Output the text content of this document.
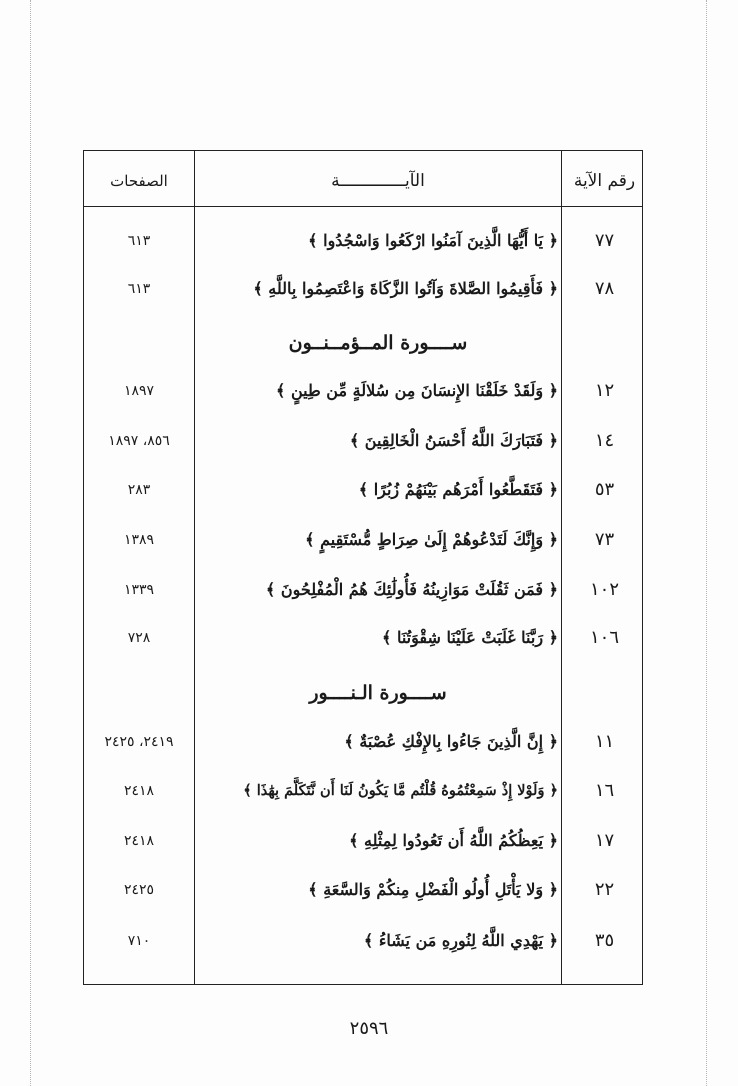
رقم الآية
الآيـــــــــــــة
الصفحات
٧٧
﴿ يَا أَيُّهَا الَّذِينَ آمَنُوا ارْكَعُوا وَاسْجُدُوا ﴾
٦١٣
٧٨
﴿ فَأَقِيمُوا الصَّلاةَ وَآتُوا الزَّكَاةَ وَاعْتَصِمُوا بِاللَّهِ ﴾
٦١٣
ســــورة المــؤمــنــون
١٢
﴿ وَلَقَدْ خَلَقْنَا الإِنسَانَ مِن سُلالَةٍ مِّن طِينٍ ﴾
١٨٩٧
١٤
﴿ فَتَبَارَكَ اللَّهُ أَحْسَنُ الْخَالِقِينَ ﴾
٨٥٦، ١٨٩٧
٥٣
﴿ فَتَقَطَّعُوا أَمْرَهُم بَيْنَهُمْ زُبُرًا ﴾
٢٨٣
٧٣
﴿ وَإِنَّكَ لَتَدْعُوهُمْ إِلَىٰ صِرَاطٍ مُّسْتَقِيمٍ ﴾
١٣٨٩
١٠٢
﴿ فَمَن ثَقُلَتْ مَوَازِينُهُ فَأُولَٰئِكَ هُمُ الْمُفْلِحُونَ ﴾
١٣٣٩
١٠٦
﴿ رَبَّنَا غَلَبَتْ عَلَيْنَا شِقْوَتُنَا ﴾
٧٢٨
ســــورة الـنــــور
١١
﴿ إِنَّ الَّذِينَ جَاءُوا بِالإِفْكِ عُصْبَةٌ ﴾
٢٤١٩، ٢٤٢٥
١٦
﴿ وَلَوْلا إِذْ سَمِعْتُمُوهُ قُلْتُم مَّا يَكُونُ لَنَا أَن نَّتَكَلَّمَ بِهَٰذَا ﴾
٢٤١٨
١٧
﴿ يَعِظُكُمُ اللَّهُ أَن تَعُودُوا لِمِثْلِهِ ﴾
٢٤١٨
٢٢
﴿ وَلا يَأْتَلِ أُولُو الْفَضْلِ مِنكُمْ وَالسَّعَةِ ﴾
٢٤٢٥
٣٥
﴿ يَهْدِي اللَّهُ لِنُورِهِ مَن يَشَاءُ ﴾
٧١٠
٢٥٩٦
